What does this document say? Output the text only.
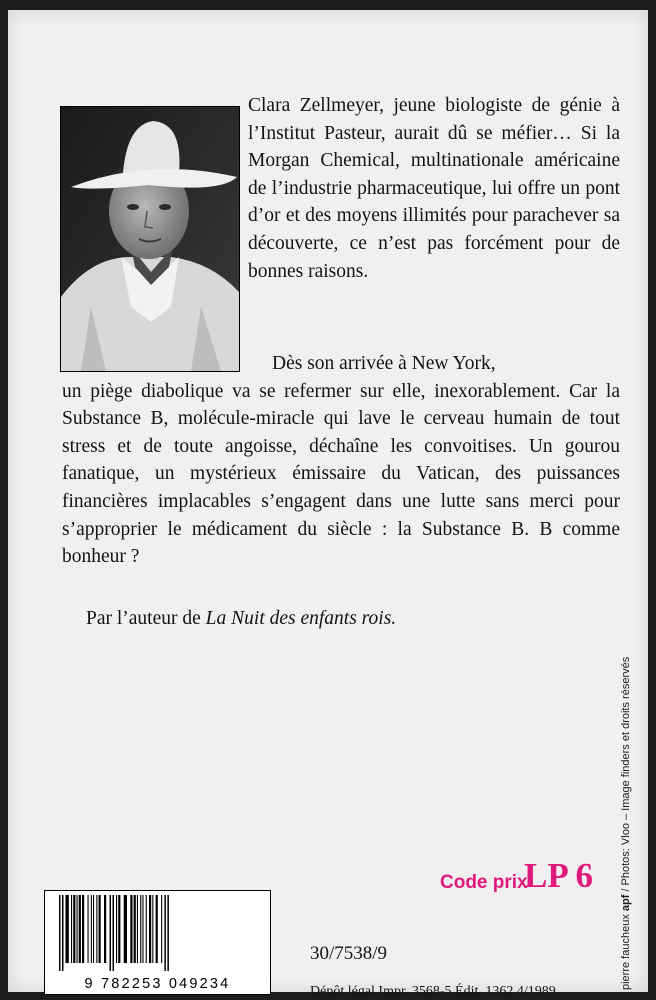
Clara Zellmeyer, jeune biologiste de génie à l’Institut Pasteur, aurait dû se méfier… Si la Morgan Chemical, multinationale américaine de l’industrie pharmaceutique, lui offre un pont d’or et des moyens illimités pour parachever sa découverte, ce n’est pas forcément pour de bonnes raisons.
Dès son arrivée à New York,
un piège diabolique va se refermer sur elle, inexorablement. Car la Substance B, molécule-miracle qui lave le cerveau humain de tout stress et de toute angoisse, déchaîne les convoitises. Un gourou fanatique, un mystérieux émissaire du Vatican, des puissances financières implacables s’engagent dans une lutte sans merci pour s’approprier le médicament du siècle : la Substance B. B comme bonheur ?
Par l’auteur de La Nuit des enfants rois.
pierre faucheux apf / Photos: Vloo – Image finders et droits réservés
9 782253 049234
Code prix
LP 6
30/7538/9
Dépôt légal Impr. 3568-5 Édit. 1362 4/1989
